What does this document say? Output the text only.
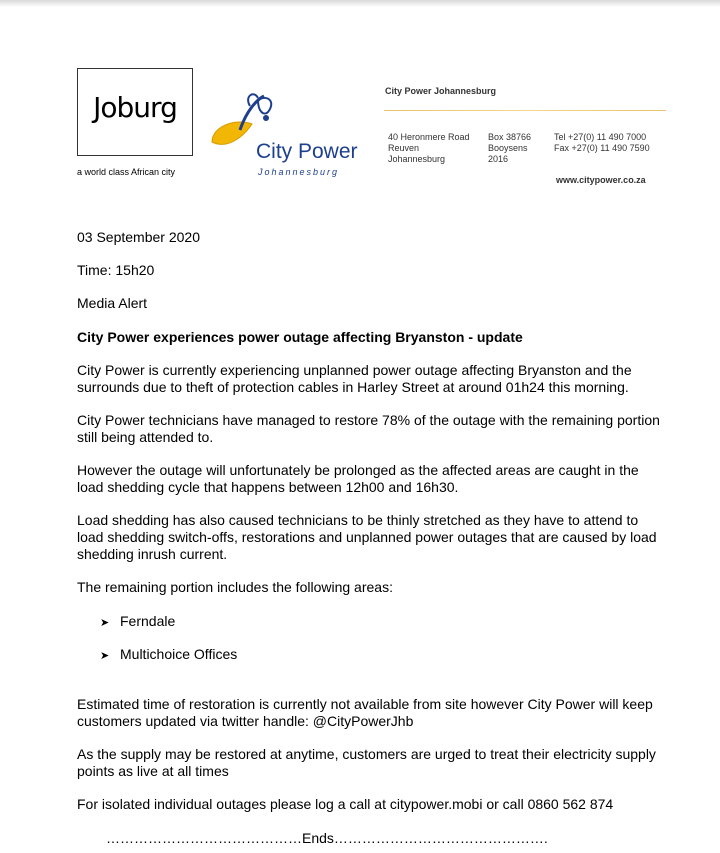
Joburg
a world class African city
City Power
Johannesburg
City Power Johannesburg
40 Heronmere Road
Reuven
Johannesburg
Box 38766
Booysens
2016
Tel +27(0) 11 490 7000
Fax +27(0) 11 490 7590
www.citypower.co.za
03 September 2020
Time: 15h20
Media Alert
City Power experiences power outage affecting Bryanston - update
City Power is currently experiencing unplanned power outage affecting Bryanston and the surrounds due to theft of protection cables in Harley Street at around 01h24 this morning.
City Power technicians have managed to restore 78% of the outage with the remaining portion still being attended to.
However the outage will unfortunately be prolonged as the affected areas are caught in the load shedding cycle that happens between 12h00 and 16h30.
Load shedding has also caused technicians to be thinly stretched as they have to attend to load shedding switch-offs, restorations and unplanned power outages that are caused by load shedding inrush current.
The remaining portion includes the following areas:
➤ Ferndale
➤ Multichoice Offices
Estimated time of restoration is currently not available from site however City Power will keep customers updated via twitter handle: @CityPowerJhb
As the supply may be restored at anytime, customers are urged to treat their electricity supply points as live at all times
For isolated individual outages please log a call at citypower.mobi or call 0860 562 874
……………………………………Ends……………………………………….
